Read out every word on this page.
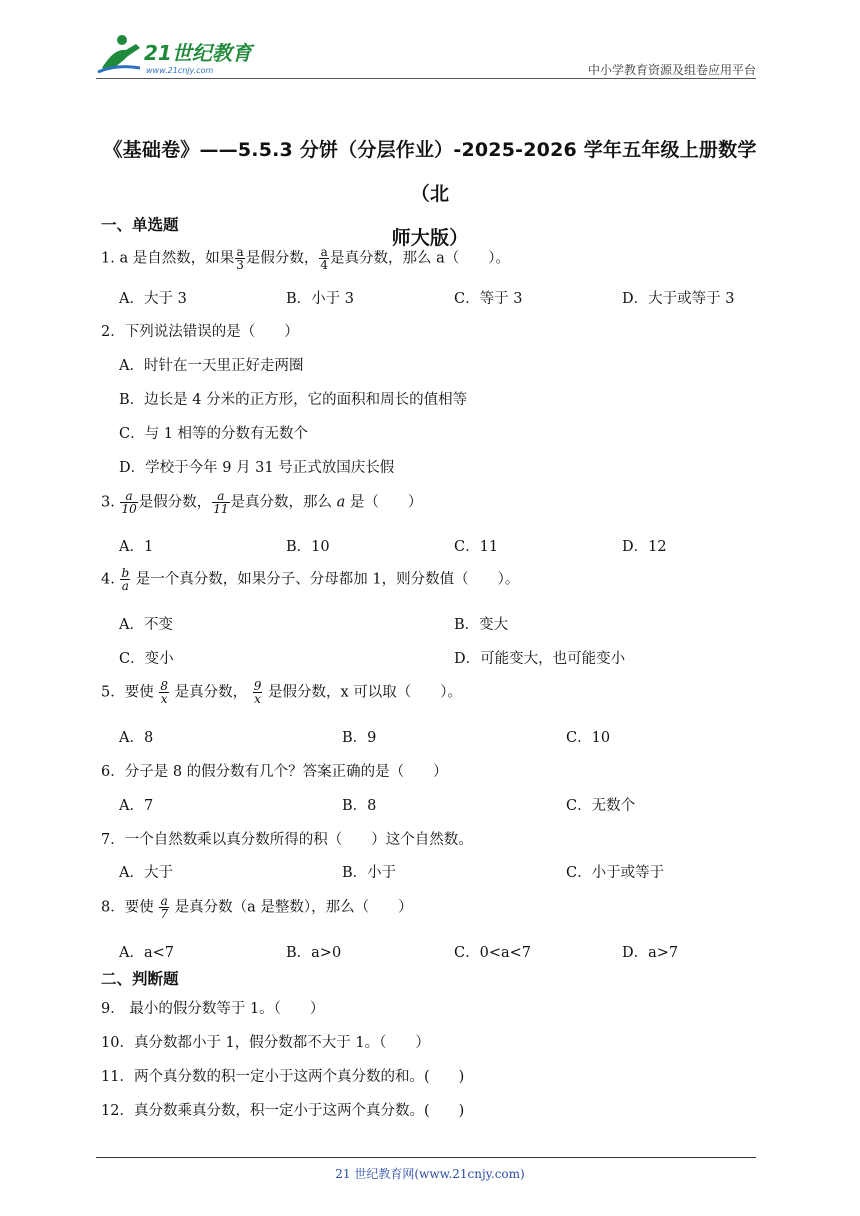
21世纪教育
www.21cnjy.com	中小学教育资源及组卷应用平台
《基础卷》——5.5.3 分饼（分层作业）-2025-2026 学年五年级上册数学（北
师大版）
一、单选题
1. a 是自然数，如果 $\frac{a}{3}$ 是假分数， $\frac{a}{4}$ 是真分数，那么 a（　　）。
A．大于 3	B．小于 3	C．等于 3	D．大于或等于 3
2．下列说法错误的是（　　）
A．时针在一天里正好走两圈
B．边长是 4 分米的正方形，它的面积和周长的值相等
C．与 1 相等的分数有无数个
D．学校于今年 9 月 31 号正式放国庆长假
3. $\frac{a}{10}$ 是假分数， $\frac{a}{11}$ 是真分数，那么 a 是（　　）
A．1	B．10	C．11	D．12
4. $\frac{b}{a}$ 是一个真分数，如果分子、分母都加 1，则分数值（　　）。
A．不变	B．变大
C．变小	D．可能变大，也可能变小
5．要使 $\frac{8}{x}$ 是真分数， $\frac{9}{x}$ 是假分数，x 可以取（　　）。
A．8	B．9	C．10
6．分子是 8 的假分数有几个？答案正确的是（　　）
A．7	B．8	C．无数个
7．一个自然数乘以真分数所得的积（　　）这个自然数。
A．大于	B．小于	C．小于或等于
8．要使 $\frac{a}{7}$ 是真分数（a 是整数），那么（　　）
A．a<7	B．a>0	C．0<a<7	D．a>7
二、判断题
9． 最小的假分数等于 1。（　　）
10．真分数都小于 1，假分数都不大于 1。（　　）
11．两个真分数的积一定小于这两个真分数的和。(　　)
12．真分数乘真分数，积一定小于这两个真分数。(　　)
21 世纪教育网(www.21cnjy.com)
